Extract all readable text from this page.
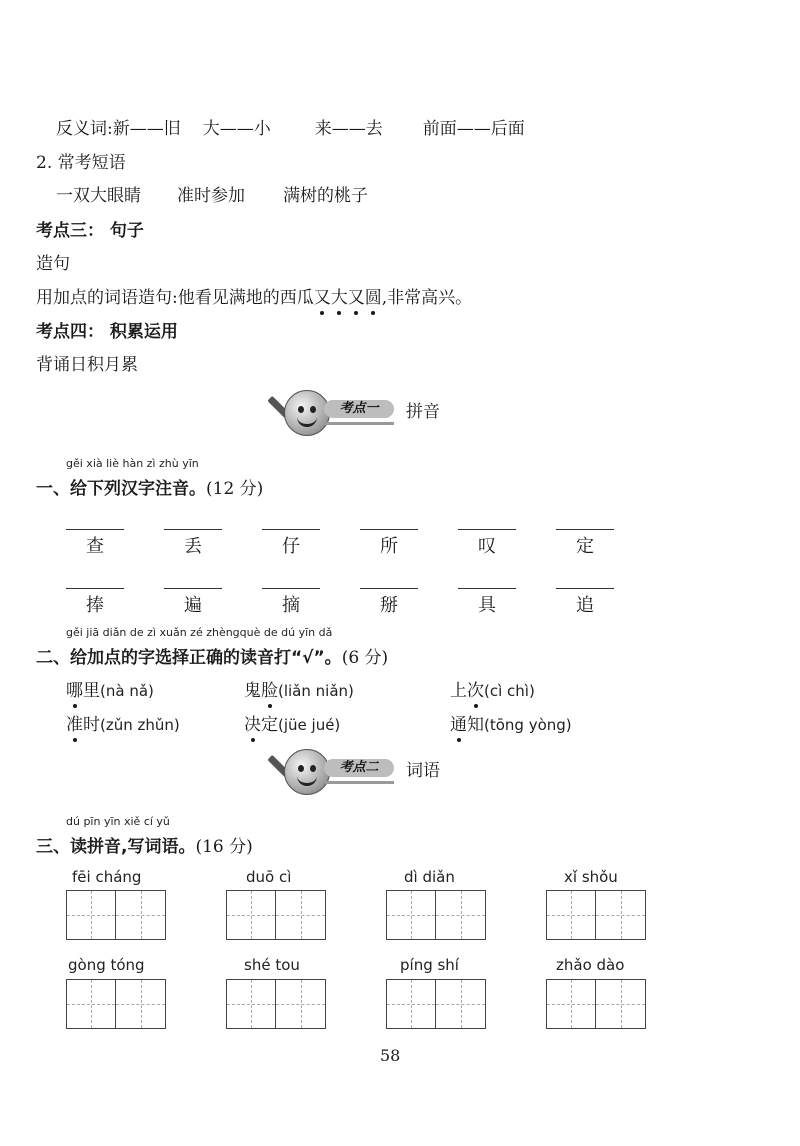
反义词:新——旧 大——小	来——去 前面——后面
2. 常考短语
一双大眼睛 准时参加 满树的桃子
考点三： 句子
造句
用加点的词语造句:他看见满地的西瓜又大又圆,非常高兴。
考点四： 积累运用
背诵日积月累
考点一	拼音
gěi xià liè hàn zì zhù yīn
一、给下列汉字注音。(12 分)
查	丢	仔	所	叹	定
捧	遍	摘	掰	具	追
gěi jiā diǎn de zì xuǎn zé zhèngquè de dú yīn dǎ
二、给加点的字选择正确的读音打“√”。(6 分)
哪里(nà nǎ)	鬼脸(liǎn niǎn)	上次(cì chì)
准时(zǔn zhǔn)	决定(jüe jué)	通知(tōng yòng)
考点二	词语
dú pīn yīn xiě cí yǔ
三、读拼音,写词语。(16 分)
fēi cháng	duō cì	dì diǎn	xǐ shǒu
gòng tóng	shé tou	píng shí	zhǎo dào
58
